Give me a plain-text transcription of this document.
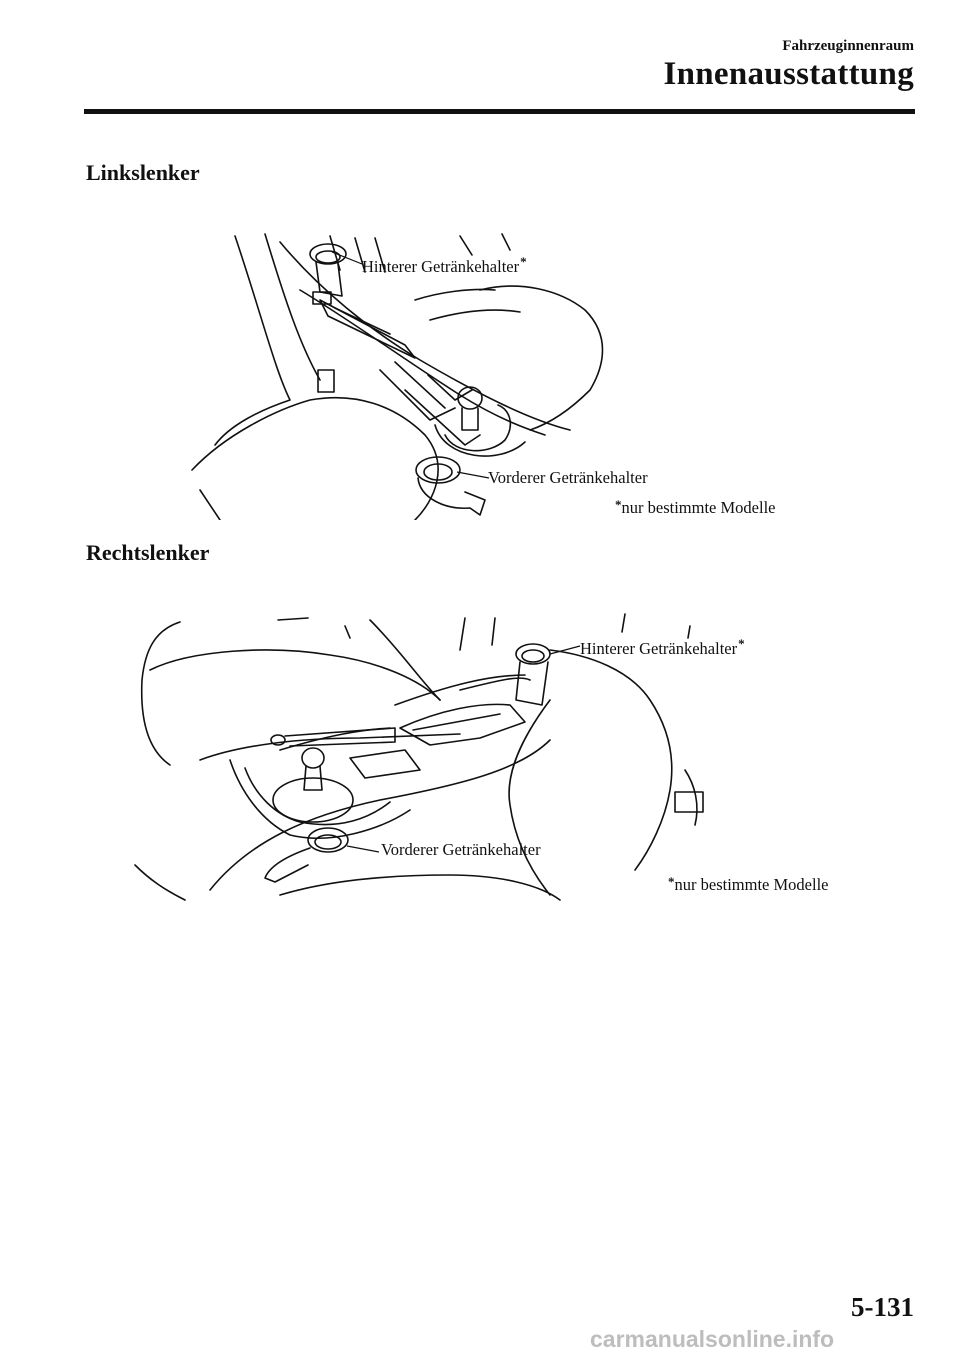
Fahrzeuginnenraum
Innenausstattung
Linkslenker
Hinterer Getränkehalter*
Vorderer Getränkehalter
*nur bestimmte Modelle
Rechtslenker
Hinterer Getränkehalter*
Vorderer Getränkehalter
*nur bestimmte Modelle
5-131
carmanualsonline.info
